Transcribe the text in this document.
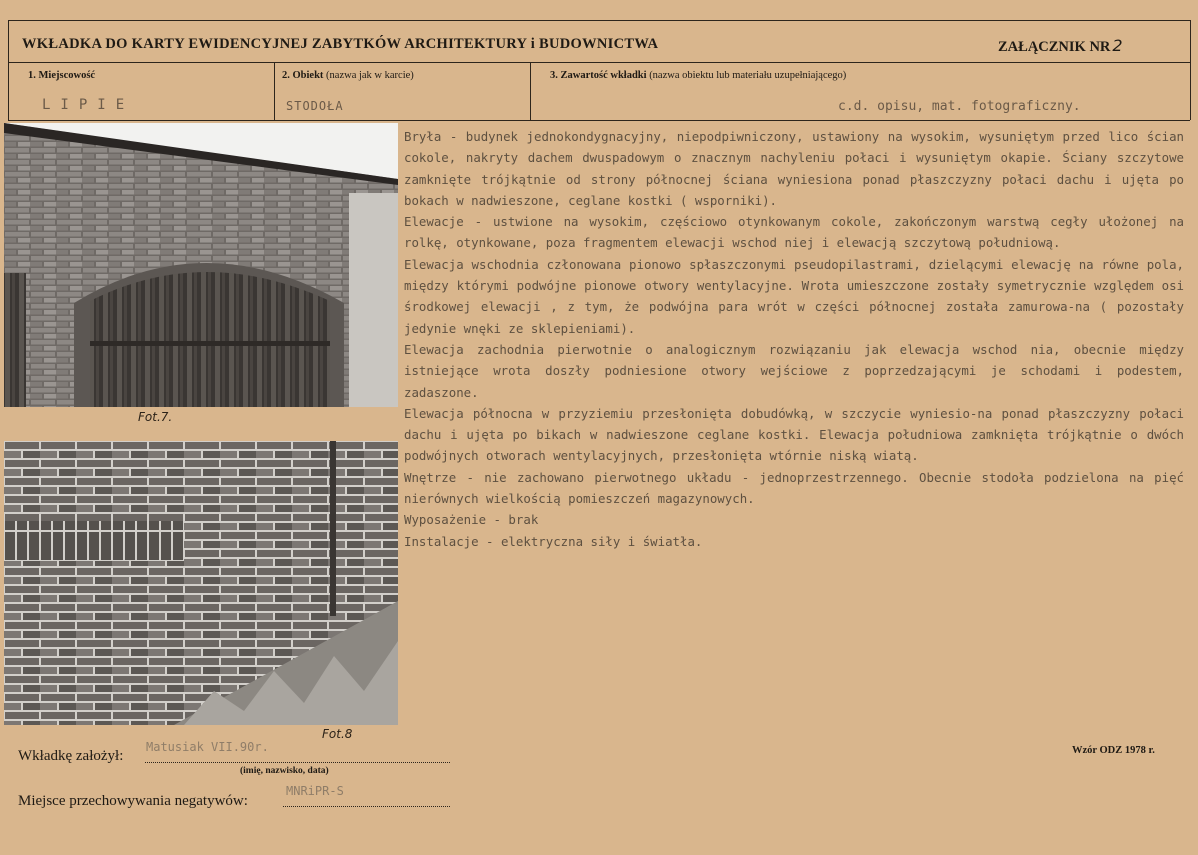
WKŁADKA DO KARTY EWIDENCYJNEJ ZABYTKÓW ARCHITEKTURY i BUDOWNICTWA	ZAŁĄCZNIK NR 2
1. Miejscowość	2. Obiekt (nazwa jak w karcie)	3. Zawartość wkładki (nazwa obiektu lub materiału uzupełniającego)
LIPIE	STODOŁA	c.d. opisu, mat. fotograficzny.
Fot.7.
Fot.8

Bryła - budynek jednokondygnacyjny, niepodpiwniczony, ustawiony na wysokim, wysuniętym przed lico ścian cokole, nakryty dachem dwuspadowym o znacznym nachyleniu połaci i wysuniętym okapie. Ściany szczytowe zamknięte trójkątnie od strony północnej ściana wyniesiona ponad płaszczyzny połaci dachu i ujęta po bokach w nadwieszone, ceglane kostki ( wsporniki).

Elewacje - ustwione na wysokim, częściowo otynkowanym cokole, zakończonym warstwą cegły ułożonej na rolkę, otynkowane, poza fragmentem elewacji wschod niej i elewacją szczytową południową.

Elewacja wschodnia członowana pionowo spłaszczonymi pseudopilastrami, dzielącymi elewację na równe pola, między którymi podwójne pionowe otwory wentylacyjne. Wrota umieszczone zostały symetrycznie względem osi środkowej elewacji , z tym, że podwójna para wrót w części północnej została zamurowa-na ( pozostały jedynie wnęki ze sklepieniami).

Elewacja zachodnia pierwotnie o analogicznym rozwiązaniu jak elewacja wschod nia, obecnie między istniejące wrota doszły podniesione otwory wejściowe z poprzedzającymi je schodami i podestem, zadaszone.

Elewacja północna w przyziemiu przesłonięta dobudówką, w szczycie wyniesio-na ponad płaszczyzny połaci dachu i ujęta po bikach w nadwieszone ceglane kostki. Elewacja południowa zamknięta trójkątnie o dwóch podwójnych otworach wentylacyjnych, przesłonięta wtórnie niską wiatą.

Wnętrze - nie zachowano pierwotnego układu - jednoprzestrzennego. Obecnie stodoła podzielona na pięć nierównych wielkością pomieszczeń magazynowych.

Wyposażenie - brak

Instalacje - elektryczna siły i światła.

Wkładkę założył:
Matusiak VII.90r.
(imię, nazwisko, data)
Miejsce przechowywania negatywów:
MNRiPR-S
Wzór ODZ 1978 r.
